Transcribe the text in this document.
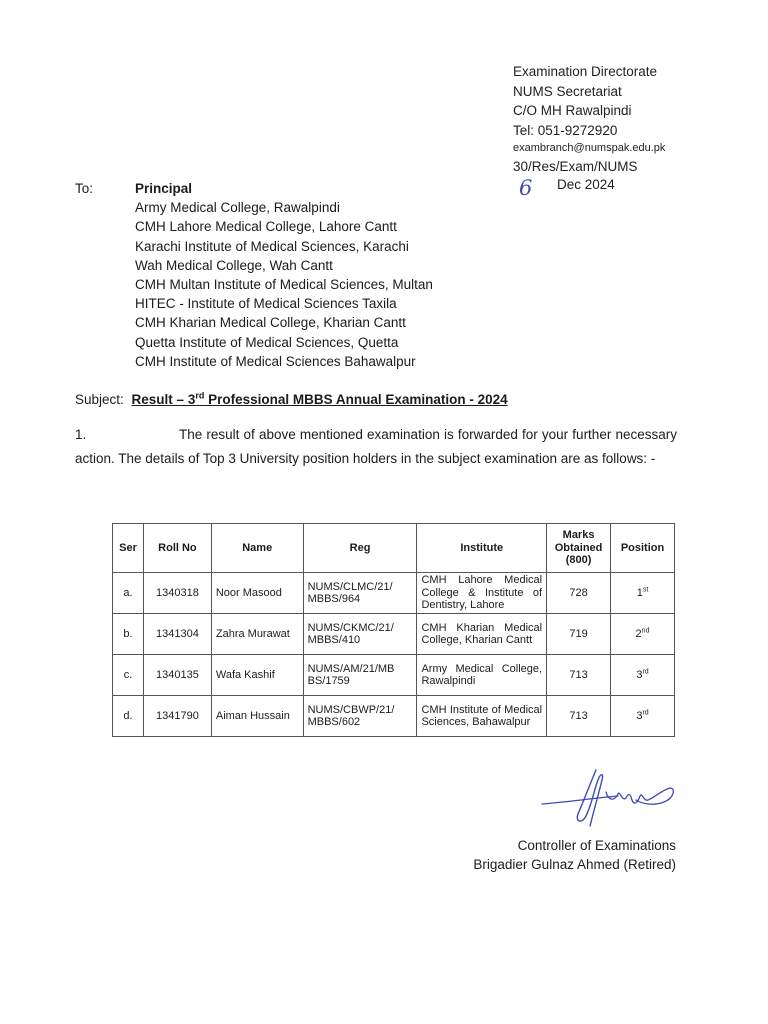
Examination Directorate
NUMS Secretariat
C/O MH Rawalpindi
Tel: 051-9272920
exambranch@numspak.edu.pk
30/Res/Exam/NUMS
6 Dec 2024
To:	Principal
Army Medical College, Rawalpindi
CMH Lahore Medical College, Lahore Cantt
Karachi Institute of Medical Sciences, Karachi
Wah Medical College, Wah Cantt
CMH Multan Institute of Medical Sciences, Multan
HITEC - Institute of Medical Sciences Taxila
CMH Kharian Medical College, Kharian Cantt
Quetta Institute of Medical Sciences, Quetta
CMH Institute of Medical Sciences Bahawalpur
Subject: Result – 3rd Professional MBBS Annual Examination - 2024
1.	The result of above mentioned examination is forwarded for your further necessary action. The details of Top 3 University position holders in the subject examination are as follows: -
Ser	Roll No	Name	Reg	Institute	Marks Obtained (800)	Position
a.	1340318	Noor Masood	NUMS/CLMC/21/ MBBS/964	CMH Lahore Medical College & Institute of Dentistry, Lahore	728	1st
b.	1341304	Zahra Murawat	NUMS/CKMC/21/ MBBS/410	CMH Kharian Medical College, Kharian Cantt	719	2nd
c.	1340135	Wafa Kashif	NUMS/AM/21/MB BS/1759	Army Medical College, Rawalpindi	713	3rd
d.	1341790	Aiman Hussain	NUMS/CBWP/21/ MBBS/602	CMH Institute of Medical Sciences, Bahawalpur	713	3rd
Controller of Examinations
Brigadier Gulnaz Ahmed (Retired)
